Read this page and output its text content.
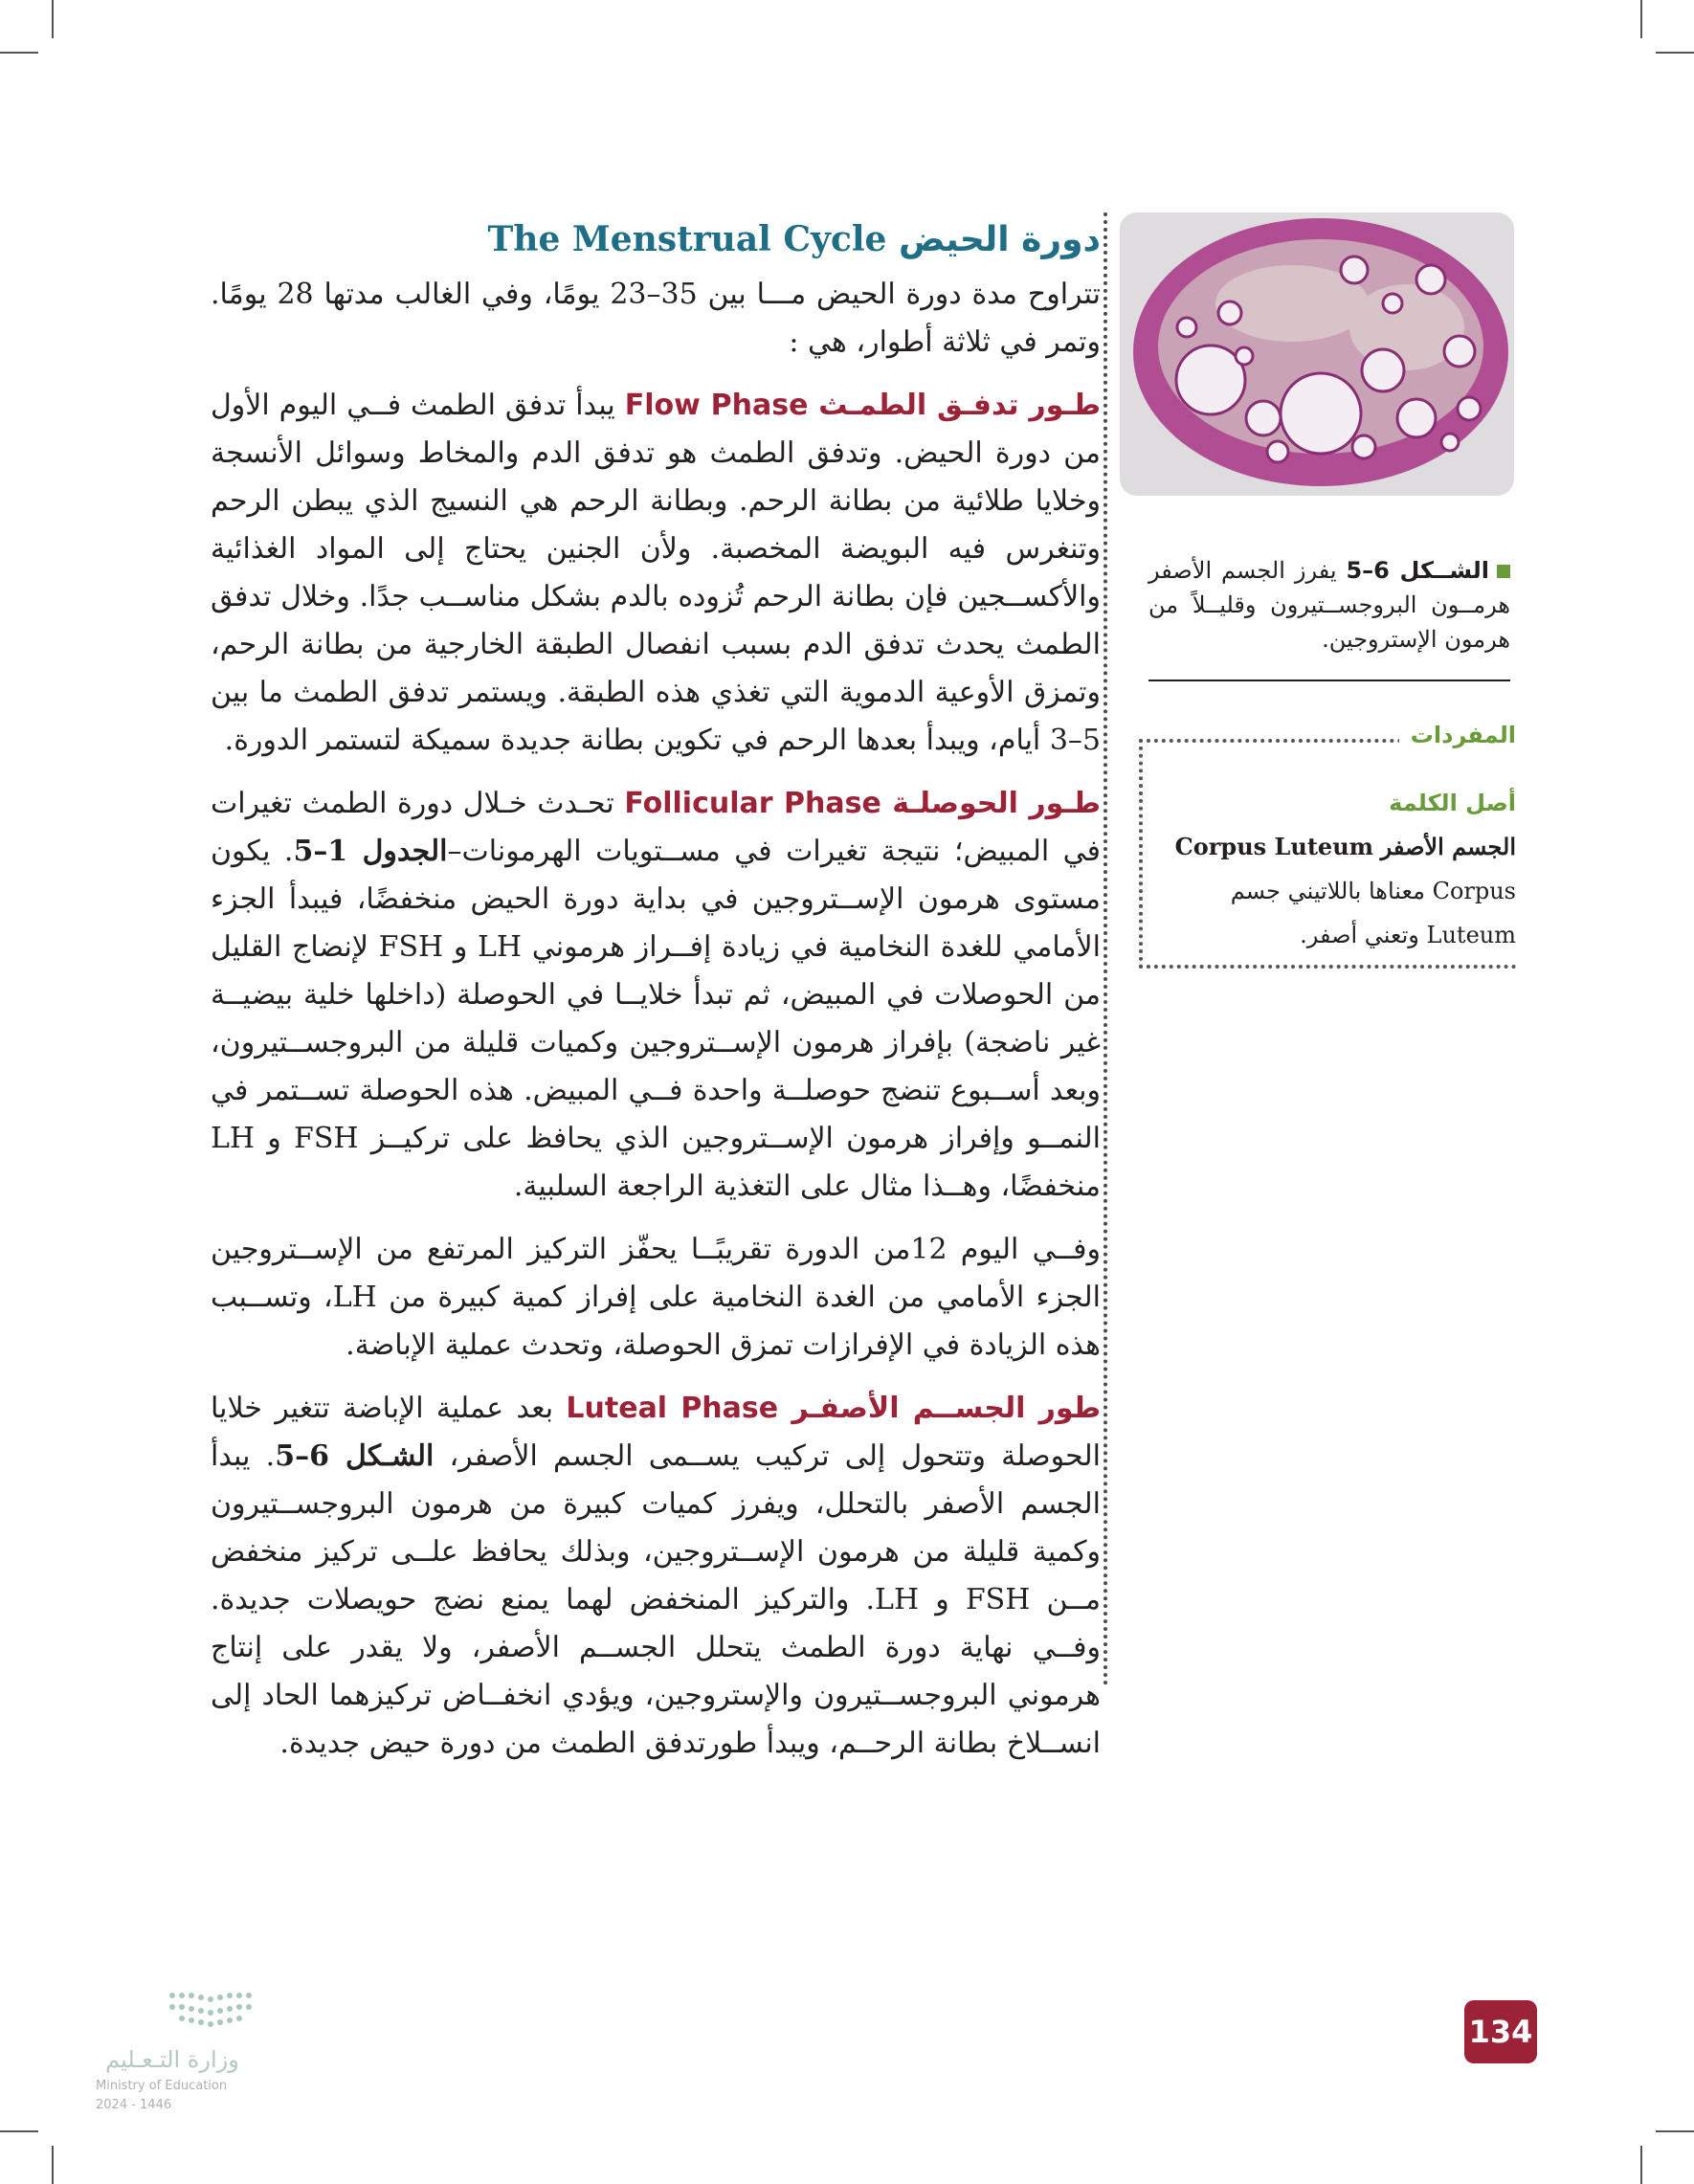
دورة الحيض The Menstrual Cycle

تتراوح مدة دورة الحيض مـــا بين 35–23 يومًا، وفي الغالب مدتها 28 يومًا. وتمر في ثلاثة أطوار، هي :

طـور تدفـق الطمـث Flow Phase يبدأ تدفق الطمث فــي اليوم الأول من دورة الحيض. وتدفق الطمث هو تدفق الدم والمخاط وسوائل الأنسجة وخلايا طلائية من بطانة الرحم. وبطانة الرحم هي النسيج الذي يبطن الرحم وتنغرس فيه البويضة المخصبة. ولأن الجنين يحتاج إلى المواد الغذائية والأكســجين فإن بطانة الرحم تُزوده بالدم بشكل مناســب جدًا. وخلال تدفق الطمث يحدث تدفق الدم بسبب انفصال الطبقة الخارجية من بطانة الرحم، وتمزق الأوعية الدموية التي تغذي هذه الطبقة. ويستمر تدفق الطمث ما بين 5–3 أيام، ويبدأ بعدها الرحم في تكوين بطانة جديدة سميكة لتستمر الدورة.

طـور الحوصلـة Follicular Phase تحـدث خـلال دورة الطمث تغيرات في المبيض؛ نتيجة تغيرات في مســتويات الهرمونات–الجدول 1–5. يكون مستوى هرمون الإســتروجين في بداية دورة الحيض منخفضًا، فيبدأ الجزء الأمامي للغدة النخامية في زيادة إفــراز هرموني LH و FSH لإنضاج القليل من الحوصلات في المبيض، ثم تبدأ خلايــا في الحوصلة (داخلها خلية بيضيــة غير ناضجة) بإفراز هرمون الإســتروجين وكميات قليلة من البروجســتيرون، وبعد أســبوع تنضج حوصلــة واحدة فــي المبيض. هذه الحوصلة تســتمر في النمــو وإفراز هرمون الإســتروجين الذي يحافظ على تركيــز FSH و LH منخفضًا، وهــذا مثال على التغذية الراجعة السلبية.

وفــي اليوم 12من الدورة تقريبًــا يحفّز التركيز المرتفع من الإســتروجين الجزء الأمامي من الغدة النخامية على إفراز كمية كبيرة من LH، وتســبب هذه الزيادة في الإفرازات تمزق الحوصلة، وتحدث عملية الإباضة.

طور الجســم الأصفـر Luteal Phase بعد عملية الإباضة تتغير خلايا الحوصلة وتتحول إلى تركيب يســمى الجسم الأصفر، الشـكل 6–5. يبدأ الجسم الأصفر بالتحلل، ويفرز كميات كبيرة من هرمون البروجســتيرون وكمية قليلة من هرمون الإســتروجين، وبذلك يحافظ علــى تركيز منخفض مــن FSH و LH. والتركيز المنخفض لهما يمنع نضج حويصلات جديدة. وفــي نهاية دورة الطمث يتحلل الجســم الأصفر، ولا يقدر على إنتاج هرموني البروجســتيرون والإستروجين، ويؤدي انخفــاض تركيزهما الحاد إلى انســلاخ بطانة الرحــم، ويبدأ طورتدفق الطمث من دورة حيض جديدة.

الشــكل 6–5 يفرز الجسم الأصفر هرمــون البروجســتيرون وقليــلاً من هرمون الإستروجين.
المفردات
أصل الكلمة
الجسم الأصفر Corpus Luteum
Corpus معناها باللاتيني جسم Luteum وتعني أصفر.
134
وزارة التـعـليم
Ministry of Education
2024 - 1446
